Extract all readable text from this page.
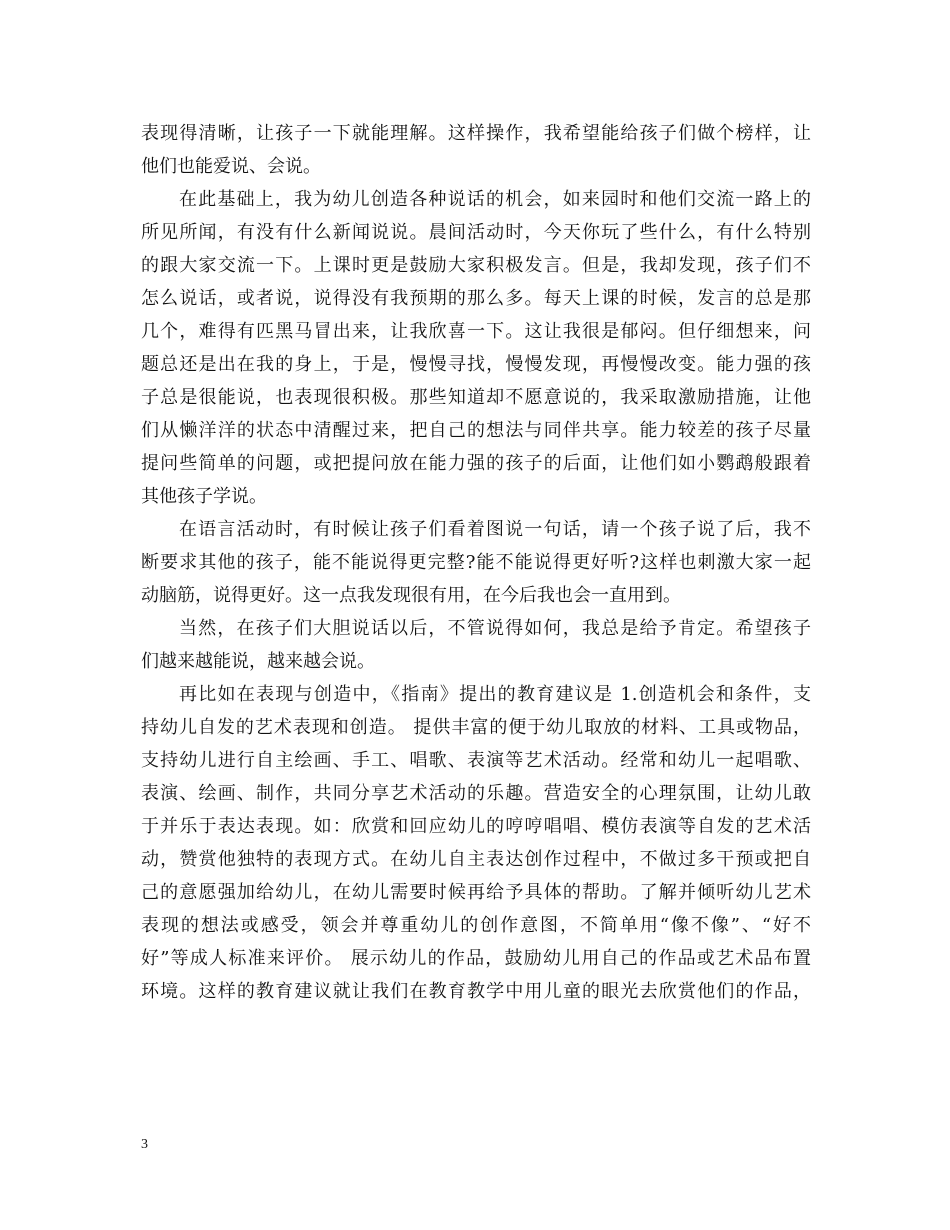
表现得清晰，让孩子一下就能理解。这样操作，我希望能给孩子们做个榜样，让
他们也能爱说、会说。
在此基础上，我为幼儿创造各种说话的机会，如来园时和他们交流一路上的
所见所闻，有没有什么新闻说说。晨间活动时，今天你玩了些什么，有什么特别
的跟大家交流一下。上课时更是鼓励大家积极发言。但是，我却发现，孩子们不
怎么说话，或者说，说得没有我预期的那么多。每天上课的时候，发言的总是那
几个，难得有匹黑马冒出来，让我欣喜一下。这让我很是郁闷。但仔细想来，问
题总还是出在我的身上，于是，慢慢寻找，慢慢发现，再慢慢改变。能力强的孩
子总是很能说，也表现很积极。那些知道却不愿意说的，我采取激励措施，让他
们从懒洋洋的状态中清醒过来，把自己的想法与同伴共享。能力较差的孩子尽量
提问些简单的问题，或把提问放在能力强的孩子的后面，让他们如小鹦鹉般跟着
其他孩子学说。
在语言活动时，有时候让孩子们看着图说一句话，请一个孩子说了后，我不
断要求其他的孩子，能不能说得更完整?能不能说得更好听?这样也刺激大家一起
动脑筋，说得更好。这一点我发现很有用，在今后我也会一直用到。
当然，在孩子们大胆说话以后，不管说得如何，我总是给予肯定。希望孩子
们越来越能说，越来越会说。
再比如在表现与创造中，《指南》提出的教育建议是 1.创造机会和条件，支
持幼儿自发的艺术表现和创造。 提供丰富的便于幼儿取放的材料、工具或物品，
支持幼儿进行自主绘画、手工、唱歌、表演等艺术活动。经常和幼儿一起唱歌、
表演、绘画、制作，共同分享艺术活动的乐趣。营造安全的心理氛围，让幼儿敢
于并乐于表达表现。如：欣赏和回应幼儿的哼哼唱唱、模仿表演等自发的艺术活
动，赞赏他独特的表现方式。在幼儿自主表达创作过程中，不做过多干预或把自
己的意愿强加给幼儿，在幼儿需要时候再给予具体的帮助。了解并倾听幼儿艺术
表现的想法或感受，领会并尊重幼儿的创作意图，不简单用“像不像”、“好不
好”等成人标准来评价。 展示幼儿的作品，鼓励幼儿用自己的作品或艺术品布置
环境。这样的教育建议就让我们在教育教学中用儿童的眼光去欣赏他们的作品，
3
